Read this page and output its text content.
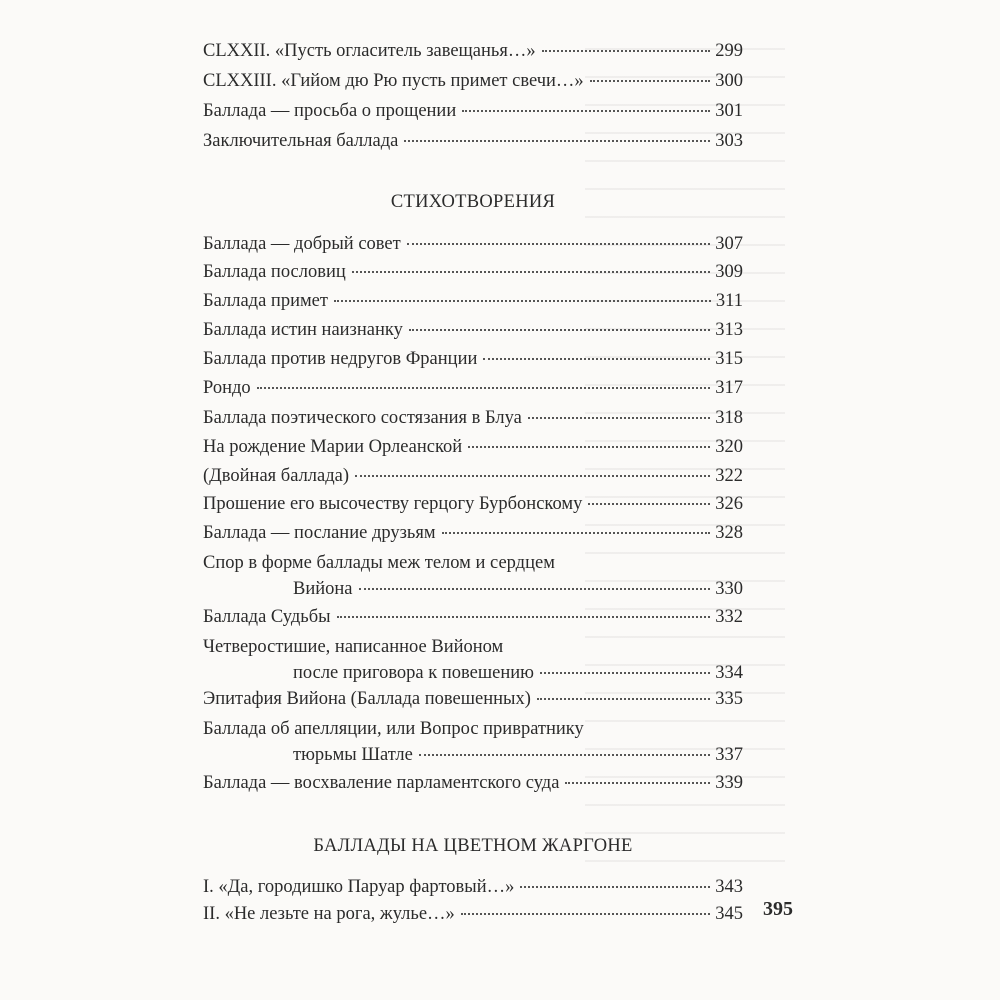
CLXXII. «Пусть огласитель завещанья…»	299
CLXXIII. «Гийом дю Рю пусть примет свечи…»	300
Баллада — просьба о прощении	301
Заключительная баллада	303
СТИХОТВОРЕНИЯ
Баллада — добрый совет	307
Баллада пословиц	309
Баллада примет	311
Баллада истин наизнанку	313
Баллада против недругов Франции	315
Рондо	317
Баллада поэтического состязания в Блуа	318
На рождение Марии Орлеанской	320
(Двойная баллада)	322
Прошение его высочеству герцогу Бурбонскому	326
Баллада — послание друзьям	328
Спор в форме баллады меж телом и сердцем
Вийона	330
Баллада Судьбы	332
Четверостишие, написанное Вийоном
после приговора к повешению	334
Эпитафия Вийона (Баллада повешенных)	335
Баллада об апелляции, или Вопрос привратнику
тюрьмы Шатле	337
Баллада — восхваление парламентского суда	339
БАЛЛАДЫ НА ЦВЕТНОМ ЖАРГОНЕ
I. «Да, городишко Паруар фартовый…»	343
II. «Не лезьте на рога, жулье…»	345 395
